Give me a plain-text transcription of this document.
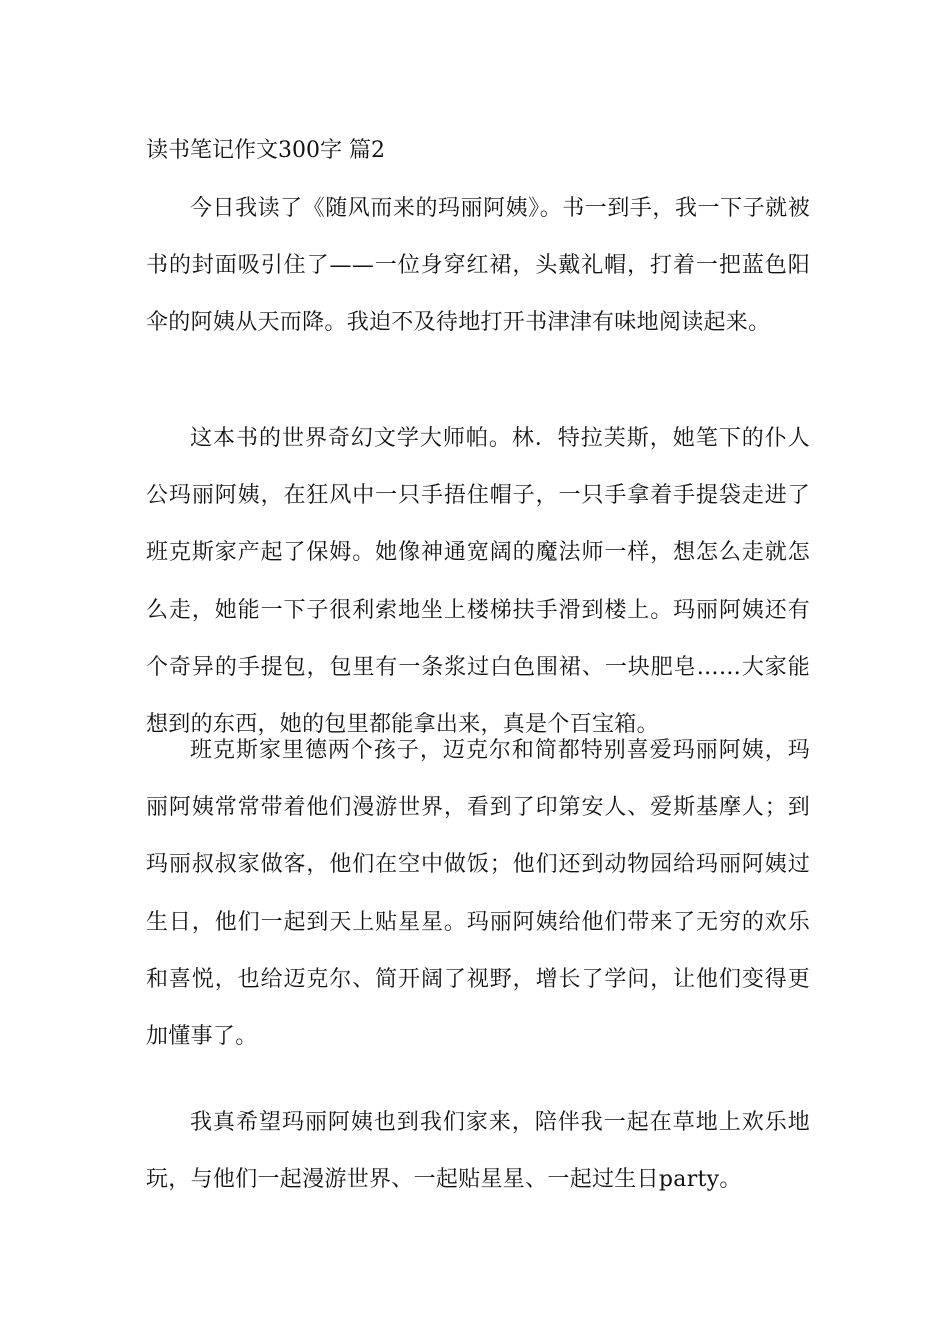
读书笔记作文300字 篇2

今日我读了《随风而来的玛丽阿姨》。书一到手，我一下子就被书的封面吸引住了——一位身穿红裙，头戴礼帽，打着一把蓝色阳伞的阿姨从天而降。我迫不及待地打开书津津有味地阅读起来。

这本书的世界奇幻文学大师帕。林．特拉芙斯，她笔下的仆人公玛丽阿姨，在狂风中一只手捂住帽子，一只手拿着手提袋走进了班克斯家产起了保姆。她像神通宽阔的魔法师一样，想怎么走就怎么走，她能一下子很利索地坐上楼梯扶手滑到楼上。玛丽阿姨还有个奇异的手提包，包里有一条浆过白色围裙、一块肥皂……大家能想到的东西，她的包里都能拿出来，真是个百宝箱。

班克斯家里德两个孩子，迈克尔和简都特别喜爱玛丽阿姨，玛丽阿姨常常带着他们漫游世界，看到了印第安人、爱斯基摩人；到玛丽叔叔家做客，他们在空中做饭；他们还到动物园给玛丽阿姨过生日，他们一起到天上贴星星。玛丽阿姨给他们带来了无穷的欢乐和喜悦，也给迈克尔、简开阔了视野，增长了学问，让他们变得更加懂事了。

我真希望玛丽阿姨也到我们家来，陪伴我一起在草地上欢乐地玩，与他们一起漫游世界、一起贴星星、一起过生日party。
